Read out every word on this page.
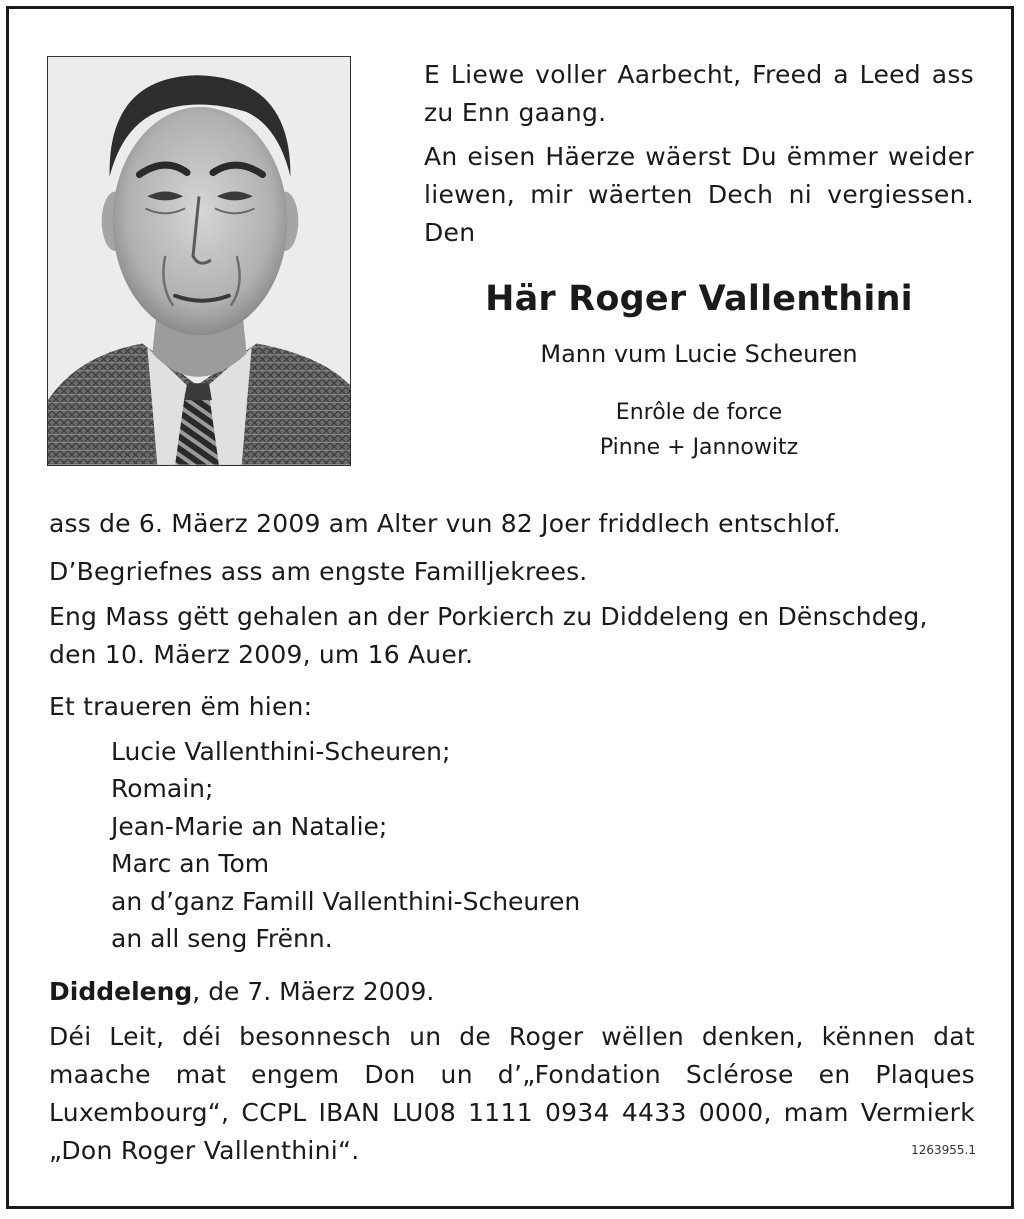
E Liewe voller Aarbecht, Freed a Leed ass zu Enn gaang.

An eisen Häerze wäerst Du ëmmer weider liewen, mir wäerten Dech ni vergiessen. Den

Här Roger Vallenthini

Mann vum Lucie Scheuren

Enrôle de force

Pinne + Jannowitz

ass de 6. Mäerz 2009 am Alter vun 82 Joer friddlech entschlof.

D’Begriefnes ass am engste Familljekrees.

Eng Mass gëtt gehalen an der Porkierch zu Diddeleng en Dënschdeg, den 10. Mäerz 2009, um 16 Auer.

Et traueren ëm hien:

Lucie Vallenthini-Scheuren;
Romain;
Jean-Marie an Natalie;
Marc an Tom
an d’ganz Famill Vallenthini-Scheuren
an all seng Frënn.

Diddeleng, de 7. Mäerz 2009.

Déi Leit, déi besonnesch un de Roger wëllen denken, kënnen dat maache mat engem Don un d’„Fondation Sclérose en Plaques Luxembourg“, CCPL IBAN LU08 1111 0934 4433 0000, mam Vermierk „Don Roger Vallenthini“.	1263955.1
